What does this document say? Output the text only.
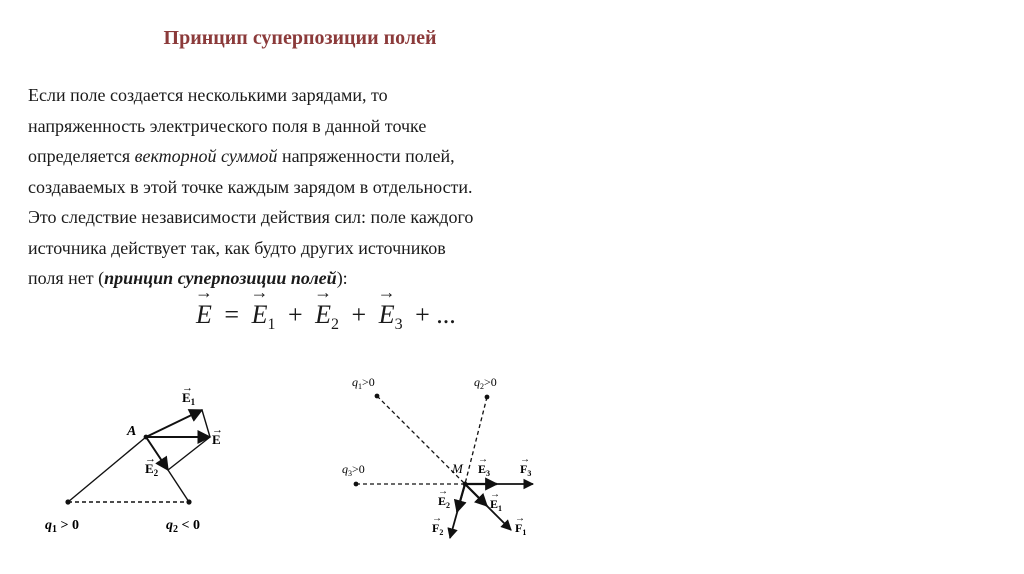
Принцип суперпозиции полей
Если поле создается несколькими зарядами, то
напряженность электрического поля в данной точке
определяется векторной суммой напряженности полей,
создаваемых в этой точке каждым зарядом в отдельности.
Это следствие независимости действия сил: поле каждого
источника действует так, как будто других источников
поля нет (принцип суперпозиции полей):
→ E = → $E_1$ + → $E_2$ + → $E_3$ + ...
A
$E_1$
→
E
→
$E_2$
→
$q_1 > 0$	$q_2 < 0$
$q_1>0$	$q_2>0$
$q_3>0$	M
→
$E_3$
→
$F_3$
→
$E_2$
→
$E_1$
→
$F_2$
→
$F_1$
